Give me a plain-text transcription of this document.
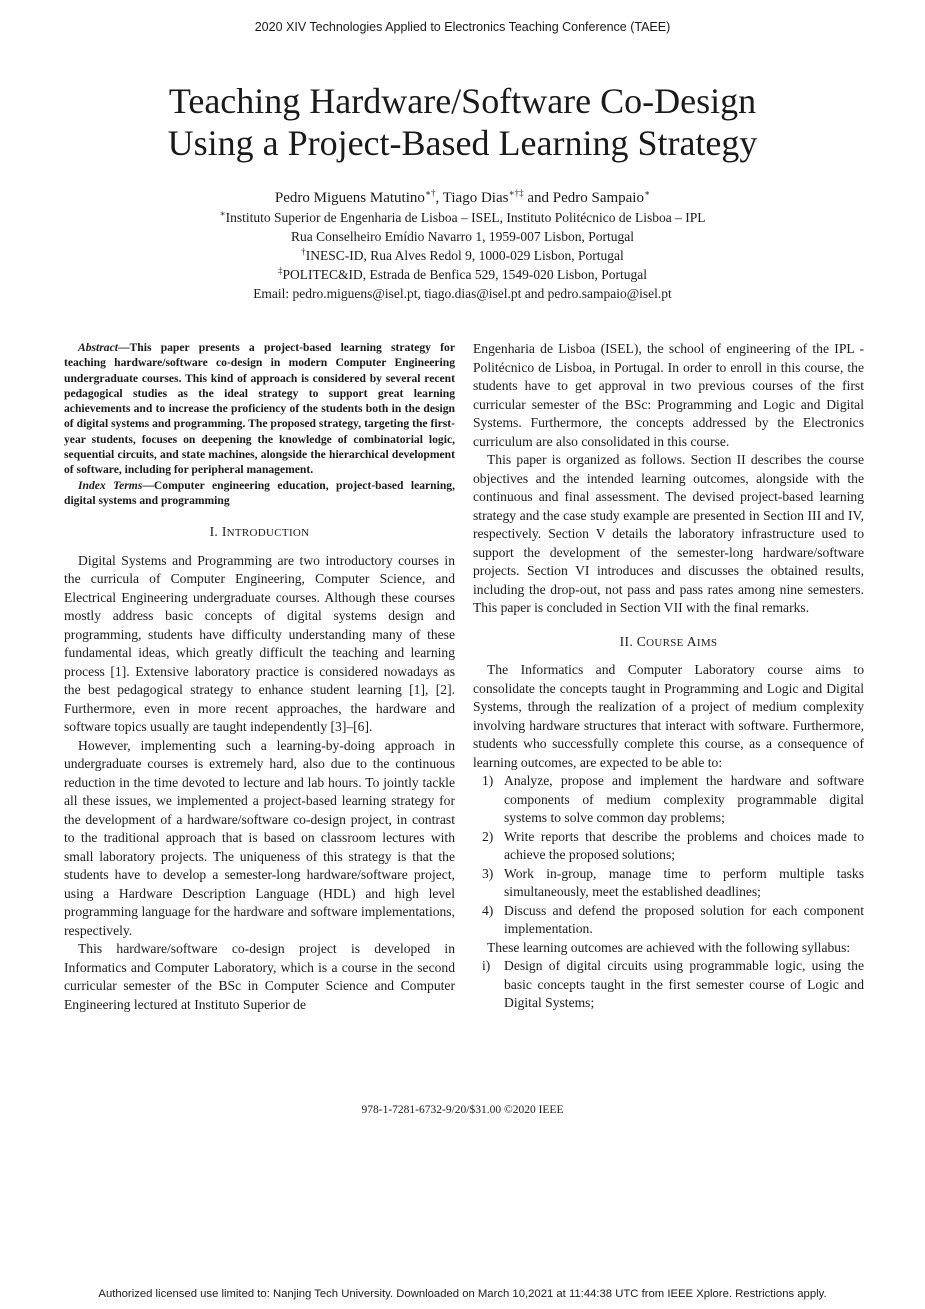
2020 XIV Technologies Applied to Electronics Teaching Conference (TAEE)
Teaching Hardware/Software Co-Design
Using a Project-Based Learning Strategy
Pedro Miguens Matutino∗†, Tiago Dias∗†‡ and Pedro Sampaio∗
∗Instituto Superior de Engenharia de Lisboa – ISEL, Instituto Politécnico de Lisboa – IPL
Rua Conselheiro Emídio Navarro 1, 1959-007 Lisbon, Portugal
†INESC-ID, Rua Alves Redol 9, 1000-029 Lisbon, Portugal
‡POLITEC&ID, Estrada de Benfica 529, 1549-020 Lisbon, Portugal
Email: pedro.miguens@isel.pt, tiago.dias@isel.pt and pedro.sampaio@isel.pt

Abstract—This paper presents a project-based learning strategy for teaching hardware/software co-design in modern Computer Engineering undergraduate courses. This kind of approach is considered by several recent pedagogical studies as the ideal strategy to support great learning achievements and to increase the proficiency of the students both in the design of digital systems and programming. The proposed strategy, targeting the first-year students, focuses on deepening the knowledge of combinatorial logic, sequential circuits, and state machines, alongside the hierarchical development of software, including for peripheral management.

Index Terms—Computer engineering education, project-based learning, digital systems and programming

I. INTRODUCTION

Digital Systems and Programming are two introductory courses in the curricula of Computer Engineering, Computer Science, and Electrical Engineering undergraduate courses. Although these courses mostly address basic concepts of digital systems design and programming, students have difficulty understanding many of these fundamental ideas, which greatly difficult the teaching and learning process [1]. Extensive laboratory practice is considered nowadays as the best pedagogical strategy to enhance student learning [1], [2]. Furthermore, even in more recent approaches, the hardware and software topics usually are taught independently [3]–[6].

However, implementing such a learning-by-doing approach in undergraduate courses is extremely hard, also due to the continuous reduction in the time devoted to lecture and lab hours. To jointly tackle all these issues, we implemented a project-based learning strategy for the development of a hardware/software co-design project, in contrast to the traditional approach that is based on classroom lectures with small laboratory projects. The uniqueness of this strategy is that the students have to develop a semester-long hardware/software project, using a Hardware Description Language (HDL) and high level programming language for the hardware and software implementations, respectively.

This hardware/software co-design project is developed in Informatics and Computer Laboratory, which is a course in the second curricular semester of the BSc in Computer Science and Computer Engineering lectured at Instituto Superior de

Engenharia de Lisboa (ISEL), the school of engineering of the IPL - Politécnico de Lisboa, in Portugal. In order to enroll in this course, the students have to get approval in two previous courses of the first curricular semester of the BSc: Programming and Logic and Digital Systems. Furthermore, the concepts addressed by the Electronics curriculum are also consolidated in this course.

This paper is organized as follows. Section II describes the course objectives and the intended learning outcomes, alongside with the continuous and final assessment. The devised project-based learning strategy and the case study example are presented in Section III and IV, respectively. Section V details the laboratory infrastructure used to support the development of the semester-long hardware/software projects. Section VI introduces and discusses the obtained results, including the drop-out, not pass and pass rates among nine semesters. This paper is concluded in Section VII with the final remarks.

II. COURSE AIMS

The Informatics and Computer Laboratory course aims to consolidate the concepts taught in Programming and Logic and Digital Systems, through the realization of a project of medium complexity involving hardware structures that interact with software. Furthermore, students who successfully complete this course, as a consequence of learning outcomes, are expected to be able to:

1) Analyze, propose and implement the hardware and software components of medium complexity programmable digital systems to solve common day problems;
2) Write reports that describe the problems and choices made to achieve the proposed solutions;
3) Work in-group, manage time to perform multiple tasks simultaneously, meet the established deadlines;
4) Discuss and defend the proposed solution for each component implementation.

These learning outcomes are achieved with the following syllabus:

i) Design of digital circuits using programmable logic, using the basic concepts taught in the first semester course of Logic and Digital Systems;
978-1-7281-6732-9/20/$31.00 ©2020 IEEE
Authorized licensed use limited to: Nanjing Tech University. Downloaded on March 10,2021 at 11:44:38 UTC from IEEE Xplore. Restrictions apply.
